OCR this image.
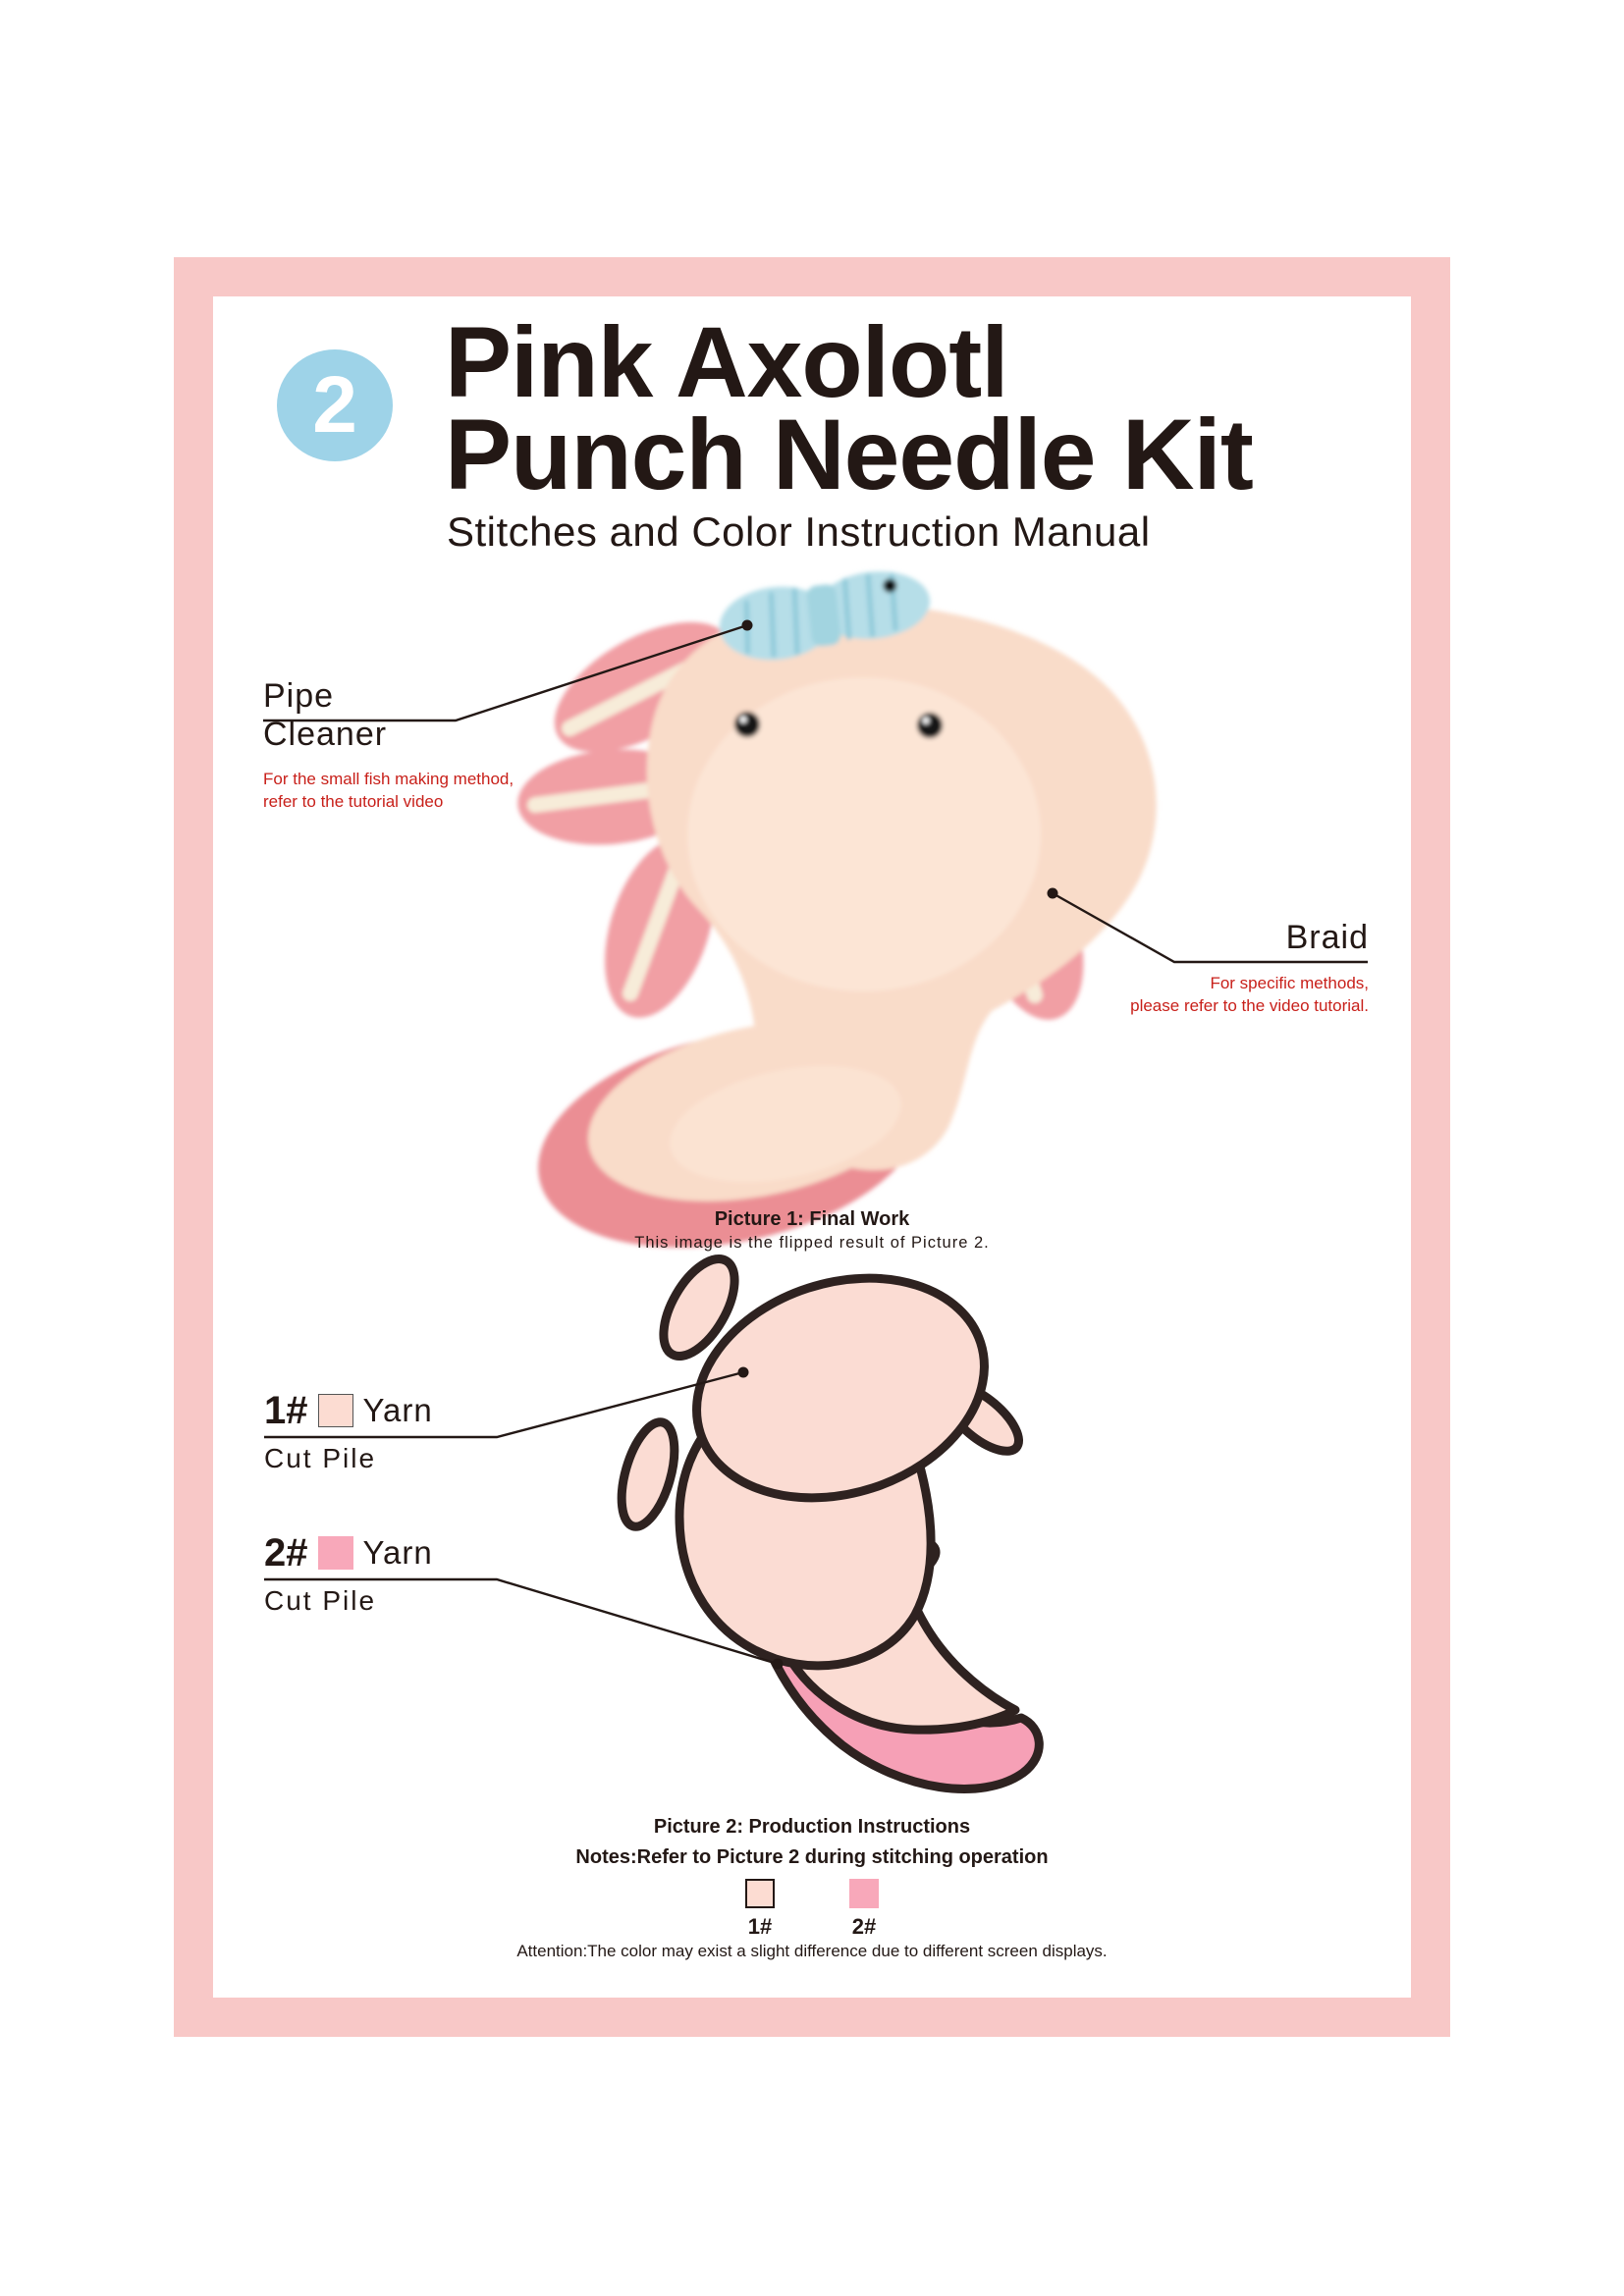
2 Pink Axolotl
Punch Needle Kit
Stitches and Color Instruction Manual
Pipe Cleaner
For the small fish making method,
refer to the tutorial video
Braid
For specific methods,
please refer to the video tutorial.
Picture 1: Final Work
This image is the flipped result of Picture 2.
1# Yarn
Cut Pile
2# Yarn
Cut Pile
Picture 2: Production Instructions
Notes:Refer to Picture 2 during stitching operation
1#	2#
Attention:The color may exist a slight difference due to different screen displays.
